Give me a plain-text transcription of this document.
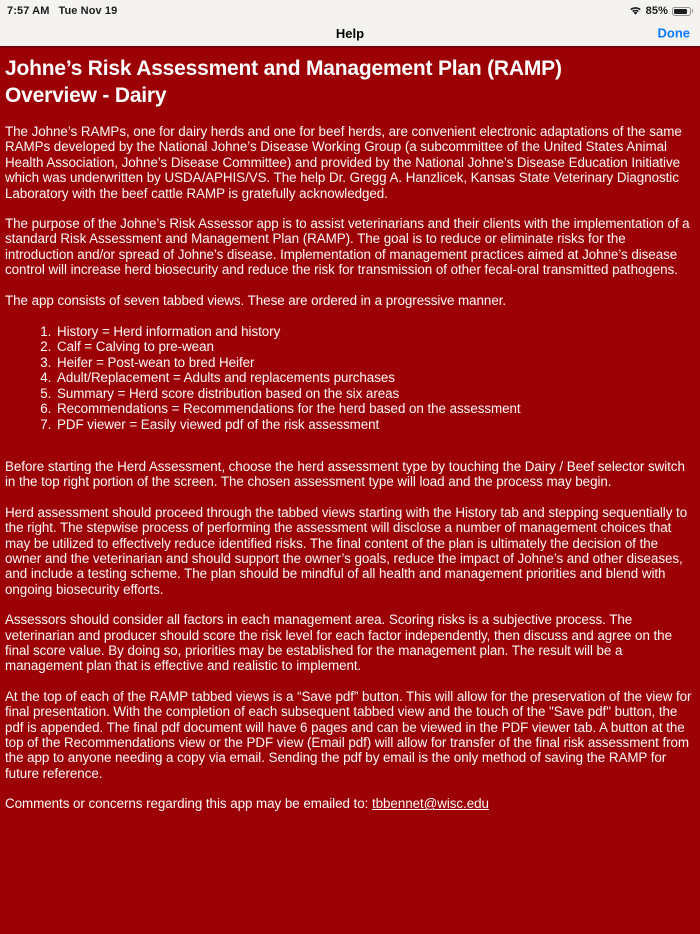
7:57 AM Tue Nov 19	85%
Help	Done
Johne’s Risk Assessment and Management Plan (RAMP)
Overview - Dairy

The Johne’s RAMPs, one for dairy herds and one for beef herds, are convenient electronic adaptations of the same RAMPs developed by the National Johne’s Disease Working Group (a subcommittee of the United States Animal Health Association, Johne’s Disease Committee) and provided by the National Johne’s Disease Education Initiative which was underwritten by USDA/APHIS/VS. The help Dr. Gregg A. Hanzlicek, Kansas State Veterinary Diagnostic Laboratory with the beef cattle RAMP is gratefully acknowledged.

The purpose of the Johne’s Risk Assessor app is to assist veterinarians and their clients with the implementation of a standard Risk Assessment and Management Plan (RAMP). The goal is to reduce or eliminate risks for the introduction and/or spread of Johne’s disease. Implementation of management practices aimed at Johne’s disease control will increase herd biosecurity and reduce the risk for transmission of other fecal-oral transmitted pathogens.

The app consists of seven tabbed views. These are ordered in a progressive manner.

1. History = Herd information and history
2. Calf = Calving to pre-wean
3. Heifer = Post-wean to bred Heifer
4. Adult/Replacement = Adults and replacements purchases
5. Summary = Herd score distribution based on the six areas
6. Recommendations = Recommendations for the herd based on the assessment
7. PDF viewer = Easily viewed pdf of the risk assessment

Before starting the Herd Assessment, choose the herd assessment type by touching the Dairy / Beef selector switch in the top right portion of the screen. The chosen assessment type will load and the process may begin.

Herd assessment should proceed through the tabbed views starting with the History tab and stepping sequentially to the right. The stepwise process of performing the assessment will disclose a number of management choices that may be utilized to effectively reduce identified risks. The final content of the plan is ultimately the decision of the owner and the veterinarian and should support the owner’s goals, reduce the impact of Johne’s and other diseases, and include a testing scheme. The plan should be mindful of all health and management priorities and blend with ongoing biosecurity efforts.

Assessors should consider all factors in each management area. Scoring risks is a subjective process. The veterinarian and producer should score the risk level for each factor independently, then discuss and agree on the final score value. By doing so, priorities may be established for the management plan. The result will be a management plan that is effective and realistic to implement.

At the top of each of the RAMP tabbed views is a “Save pdf” button. This will allow for the preservation of the view for final presentation. With the completion of each subsequent tabbed view and the touch of the "Save pdf" button, the pdf is appended. The final pdf document will have 6 pages and can be viewed in the PDF viewer tab. A button at the top of the Recommendations view or the PDF view (Email pdf) will allow for transfer of the final risk assessment from the app to anyone needing a copy via email. Sending the pdf by email is the only method of saving the RAMP for future reference.

Comments or concerns regarding this app may be emailed to: tbbennet@wisc.edu
